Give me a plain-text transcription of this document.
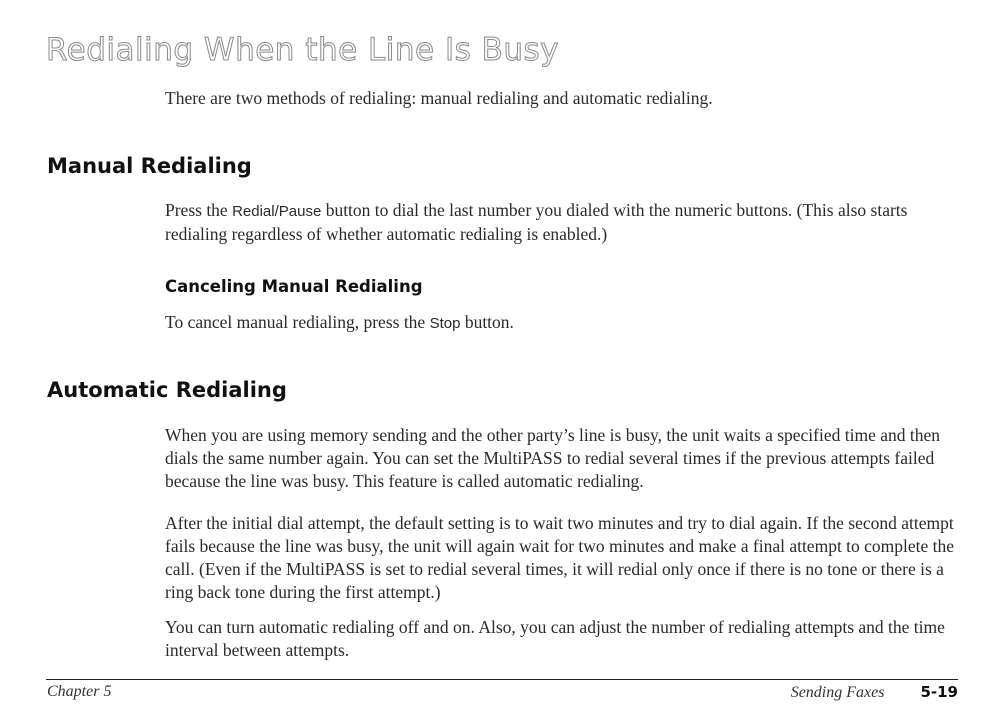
Redialing When the Line Is Busy

There are two methods of redialing: manual redialing and automatic redialing.

Manual Redialing

Press the Redial/Pause button to dial the last number you dialed with the numeric buttons. (This also starts redialing regardless of whether automatic redialing is enabled.)

Canceling Manual Redialing

To cancel manual redialing, press the Stop button.

Automatic Redialing

When you are using memory sending and the other party’s line is busy, the unit waits a specified time and then dials the same number again. You can set the MultiPASS to redial several times if the previous attempts failed because the line was busy. This feature is called automatic redialing.

After the initial dial attempt, the default setting is to wait two minutes and try to dial again. If the second attempt fails because the line was busy, the unit will again wait for two minutes and make a final attempt to complete the call. (Even if the MultiPASS is set to redial several times, it will redial only once if there is no tone or there is a ring back tone during the first attempt.)

You can turn automatic redialing off and on. Also, you can adjust the number of redialing attempts and the time interval between attempts.

Chapter 5	Sending Faxes 5-19
